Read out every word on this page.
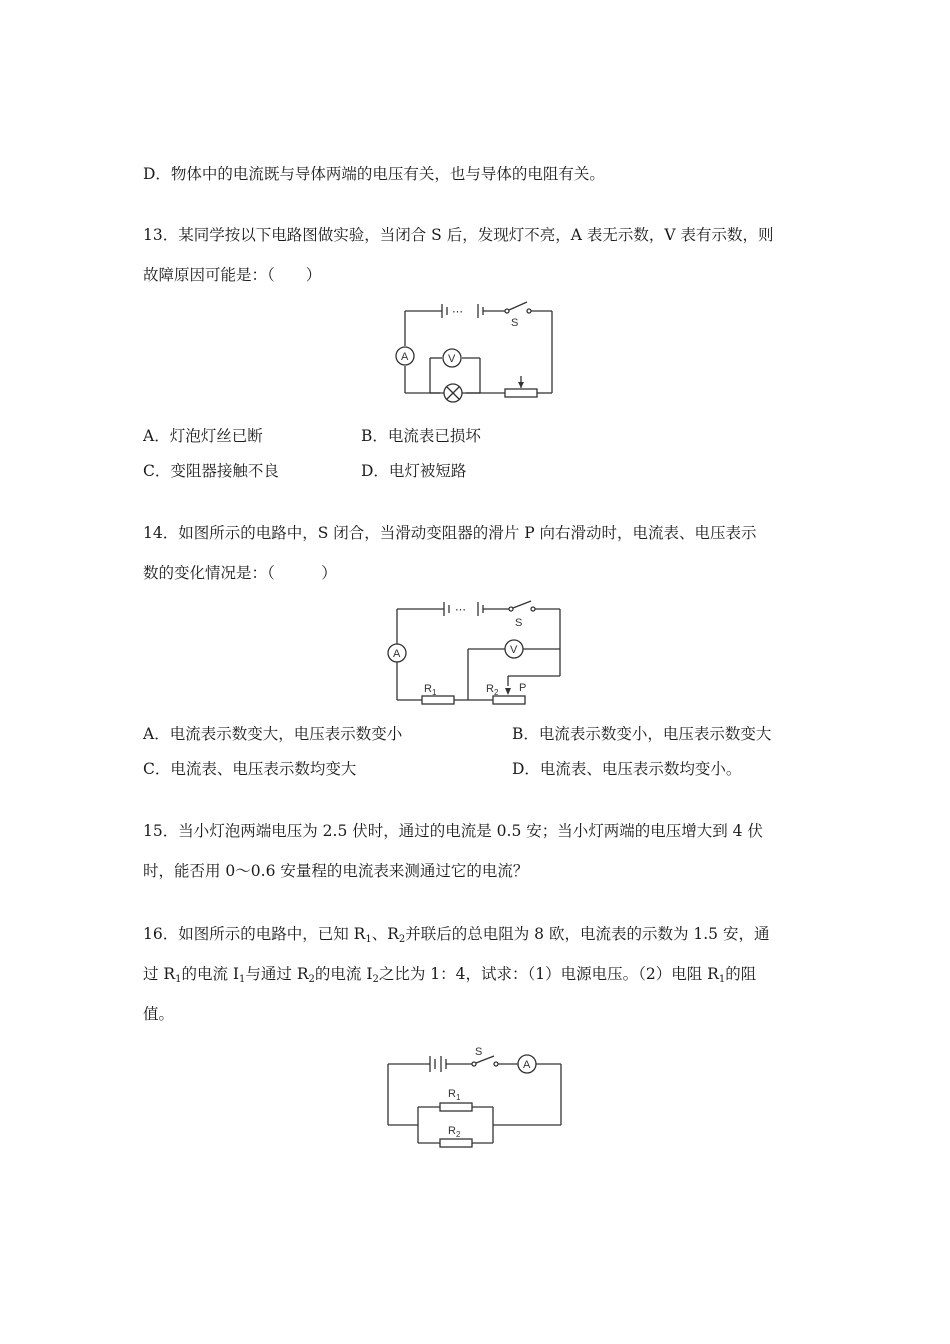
D．物体中的电流既与导体两端的电压有关，也与导体的电阻有关。
13．某同学按以下电路图做实验，当闭合 S 后，发现灯不亮，A 表无示数，V 表有示数，则
故障原因可能是：（　　）
⋯
S
V
A
A．灯泡灯丝已断	B．电流表已损坏
C．变阻器接触不良	D．电灯被短路
14．如图所示的电路中，S 闭合，当滑动变阻器的滑片 P 向右滑动时，电流表、电压表示
数的变化情况是：（　　　）
⋯
S
V
A
$R_1$	$R_2$ P
A．电流表示数变大，电压表示数变小	B．电流表示数变小，电压表示数变大
C．电流表、电压表示数均变大	D．电流表、电压表示数均变小。
15．当小灯泡两端电压为 2.5 伏时，通过的电流是 0.5 安；当小灯两端的电压增大到 4 伏
时，能否用 0～0.6 安量程的电流表来测通过它的电流？
16．如图所示的电路中，已知 $R_1$、$R_2$并联后的总电阻为 8 欧，电流表的示数为 1.5 安，通
过 $R_1$的电流 $I_1$与通过 $R_2$的电流 $I_2$之比为 1：4，试求：（1）电源电压。（2）电阻 $R_1$的阻
值。
S
A
$R_1$
$R_2$
